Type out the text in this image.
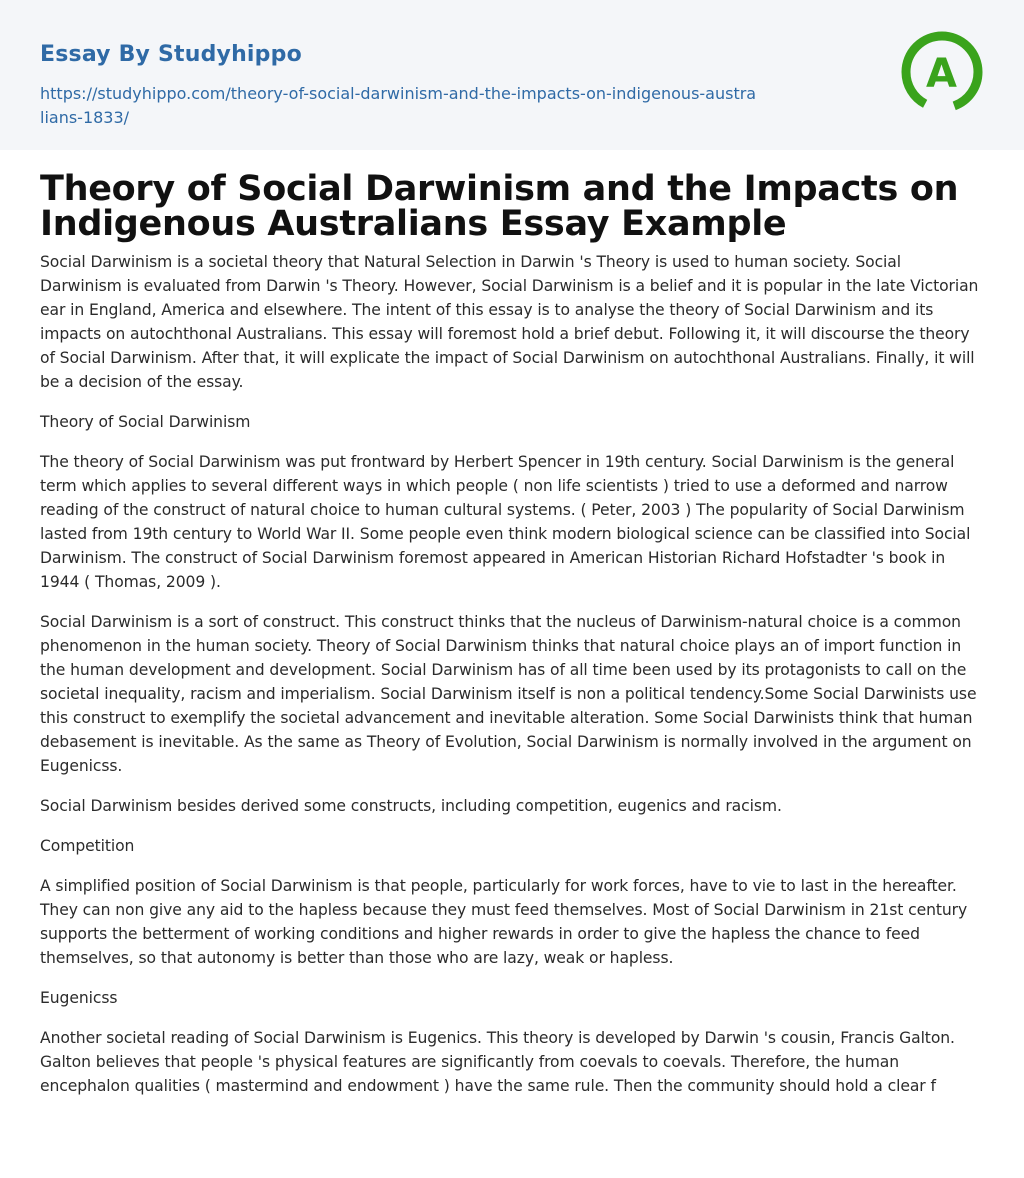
Essay By Studyhippo
https://studyhippo.com/theory-of-social-darwinism-and-the-impacts-on-indigenous-australians-1833/
A
Theory of Social Darwinism and the Impacts on Indigenous Australians Essay Example

Social Darwinism is a societal theory that Natural Selection in Darwin 's Theory is used to human society. Social Darwinism is evaluated from Darwin 's Theory. However, Social Darwinism is a belief and it is popular in the late Victorian ear in England, America and elsewhere. The intent of this essay is to analyse the theory of Social Darwinism and its impacts on autochthonal Australians. This essay will foremost hold a brief debut. Following it, it will discourse the theory of Social Darwinism. After that, it will explicate the impact of Social Darwinism on autochthonal Australians. Finally, it will be a decision of the essay.

Theory of Social Darwinism

The theory of Social Darwinism was put frontward by Herbert Spencer in 19th century. Social Darwinism is the general term which applies to several different ways in which people ( non life scientists ) tried to use a deformed and narrow reading of the construct of natural choice to human cultural systems. ( Peter, 2003 ) The popularity of Social Darwinism lasted from 19th century to World War II. Some people even think modern biological science can be classified into Social Darwinism. The construct of Social Darwinism foremost appeared in American Historian Richard Hofstadter 's book in 1944 ( Thomas, 2009 ).

Social Darwinism is a sort of construct. This construct thinks that the nucleus of Darwinism-natural choice is a common phenomenon in the human society. Theory of Social Darwinism thinks that natural choice plays an of import function in the human development and development. Social Darwinism has of all time been used by its protagonists to call on the societal inequality, racism and imperialism. Social Darwinism itself is non a political tendency.Some Social Darwinists use this construct to exemplify the societal advancement and inevitable alteration. Some Social Darwinists think that human debasement is inevitable. As the same as Theory of Evolution, Social Darwinism is normally involved in the argument on Eugenicss.

Social Darwinism besides derived some constructs, including competition, eugenics and racism.

Competition

A simplified position of Social Darwinism is that people, particularly for work forces, have to vie to last in the hereafter. They can non give any aid to the hapless because they must feed themselves. Most of Social Darwinism in 21st century supports the betterment of working conditions and higher rewards in order to give the hapless the chance to feed themselves, so that autonomy is better than those who are lazy, weak or hapless.

Eugenicss

Another societal reading of Social Darwinism is Eugenics. This theory is developed by Darwin 's cousin, Francis Galton. Galton believes that people 's physical features are significantly from coevals to coevals. Therefore, the human encephalon qualities ( mastermind and endowment ) have the same rule. Then the community should hold a clear f
